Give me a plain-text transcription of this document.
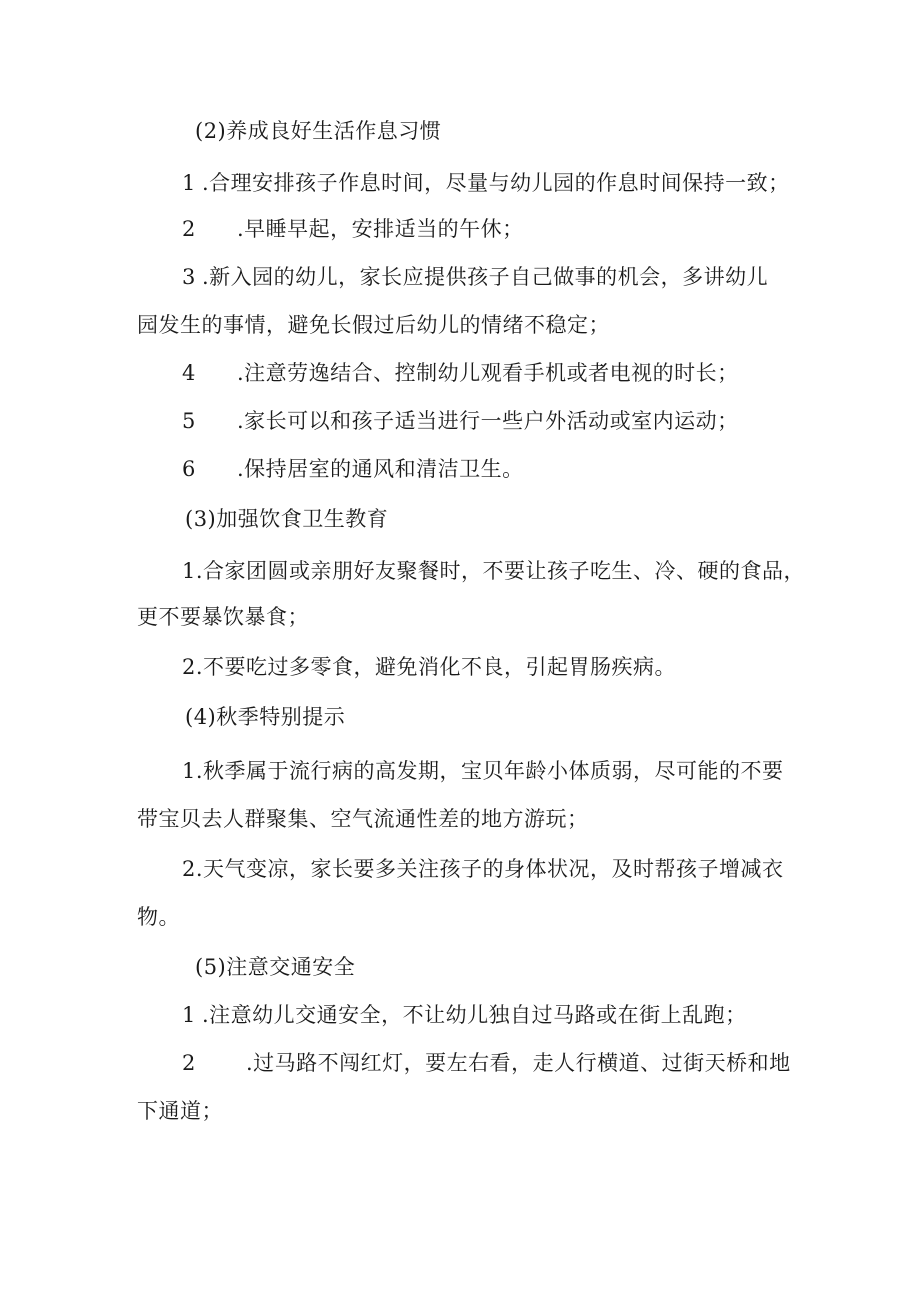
(2)养成良好生活作息习惯
1 .合理安排孩子作息时间，尽量与幼儿园的作息时间保持一致；
2 .早睡早起，安排适当的午休；
3 .新入园的幼儿，家长应提供孩子自己做事的机会，多讲幼儿
园发生的事情，避免长假过后幼儿的情绪不稳定；
4 .注意劳逸结合、控制幼儿观看手机或者电视的时长；
5 .家长可以和孩子适当进行一些户外活动或室内运动；
6 .保持居室的通风和清洁卫生。
(3)加强饮食卫生教育
1.合家团圆或亲朋好友聚餐时，不要让孩子吃生、冷、硬的食品，
更不要暴饮暴食；
2.不要吃过多零食，避免消化不良，引起胃肠疾病。
(4)秋季特别提示
1.秋季属于流行病的高发期，宝贝年龄小体质弱，尽可能的不要
带宝贝去人群聚集、空气流通性差的地方游玩；
2.天气变凉，家长要多关注孩子的身体状况，及时帮孩子增减衣
物。
(5)注意交通安全
1 .注意幼儿交通安全，不让幼儿独自过马路或在街上乱跑；
2 .过马路不闯红灯，要左右看，走人行横道、过街天桥和地
下通道；
